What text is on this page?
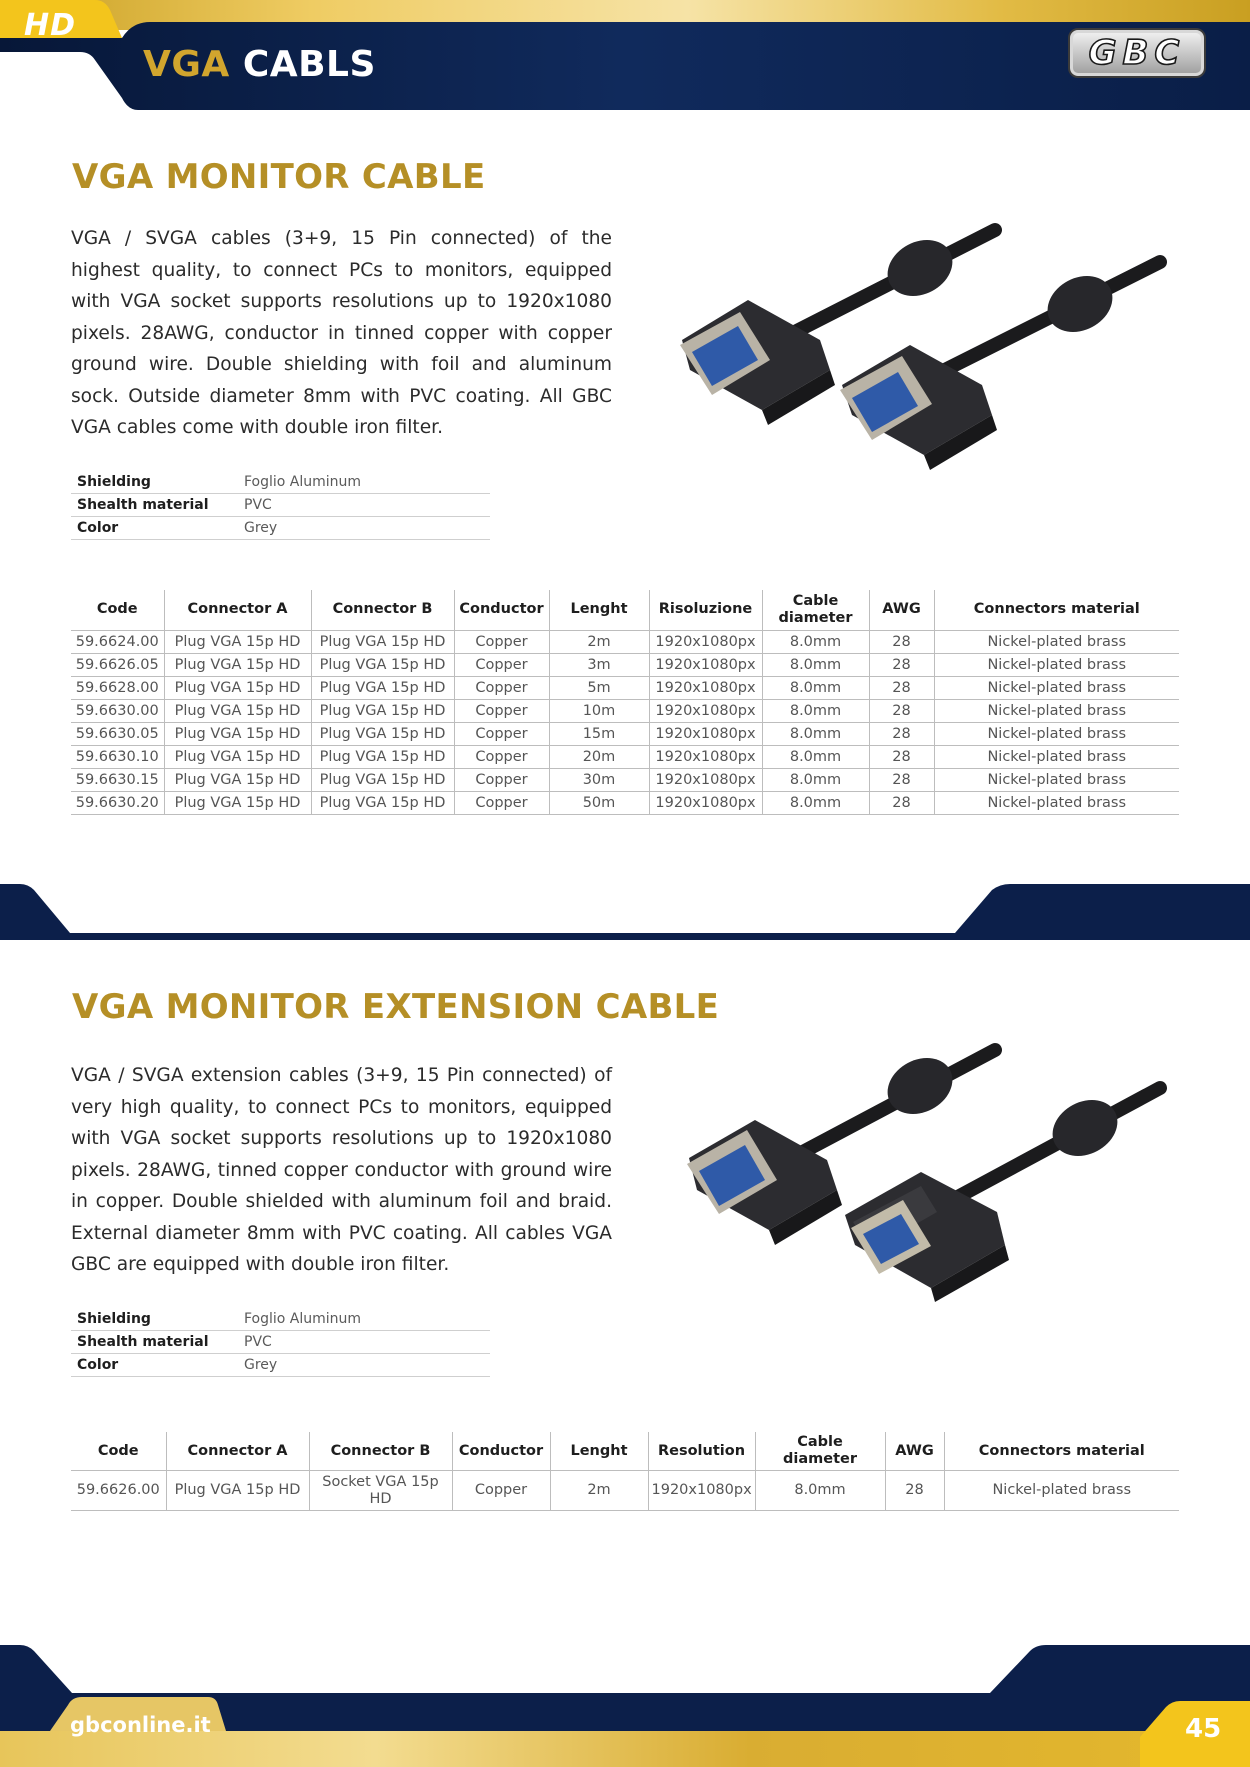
HD
VGA CABLS	GBC
VGA MONITOR CABLE
VGA / SVGA cables (3+9, 15 Pin connected) of the highest quality, to connect PCs to monitors, equipped with VGA socket supports resolutions up to 1920x1080 pixels. 28AWG, conductor in tinned copper with copper ground wire. Double shielding with foil and aluminum sock. Outside diameter 8mm with PVC coating. All GBC VGA cables come with double iron filter.
Shielding	Foglio Aluminum
Shealth material	PVC
Color	Grey
Code	Connector A	Connector B	Conductor	Lenght	Risoluzione	Cable diameter	AWG	Connectors material
59.6624.00	Plug VGA 15p HD	Plug VGA 15p HD	Copper	2m	1920x1080px	8.0mm	28	Nickel-plated brass
59.6626.05	Plug VGA 15p HD	Plug VGA 15p HD	Copper	3m	1920x1080px	8.0mm	28	Nickel-plated brass
59.6628.00	Plug VGA 15p HD	Plug VGA 15p HD	Copper	5m	1920x1080px	8.0mm	28	Nickel-plated brass
59.6630.00	Plug VGA 15p HD	Plug VGA 15p HD	Copper	10m	1920x1080px	8.0mm	28	Nickel-plated brass
59.6630.05	Plug VGA 15p HD	Plug VGA 15p HD	Copper	15m	1920x1080px	8.0mm	28	Nickel-plated brass
59.6630.10	Plug VGA 15p HD	Plug VGA 15p HD	Copper	20m	1920x1080px	8.0mm	28	Nickel-plated brass
59.6630.15	Plug VGA 15p HD	Plug VGA 15p HD	Copper	30m	1920x1080px	8.0mm	28	Nickel-plated brass
59.6630.20	Plug VGA 15p HD	Plug VGA 15p HD	Copper	50m	1920x1080px	8.0mm	28	Nickel-plated brass
VGA MONITOR EXTENSION CABLE
VGA / SVGA extension cables (3+9, 15 Pin connected) of very high quality, to connect PCs to monitors, equipped with VGA socket supports resolutions up to 1920x1080 pixels. 28AWG, tinned copper conductor with ground wire in copper. Double shielded with aluminum foil and braid. External diameter 8mm with PVC coating. All cables VGA GBC are equipped with double iron filter.
Shielding	Foglio Aluminum
Shealth material	PVC
Color	Grey
Code	Connector A	Connector B	Conductor	Lenght	Resolution	Cable diameter	AWG	Connectors material
59.6626.00	Plug VGA 15p HD	Socket VGA 15p HD	Copper	2m	1920x1080px	8.0mm	28	Nickel-plated brass
gbconline.it	45
